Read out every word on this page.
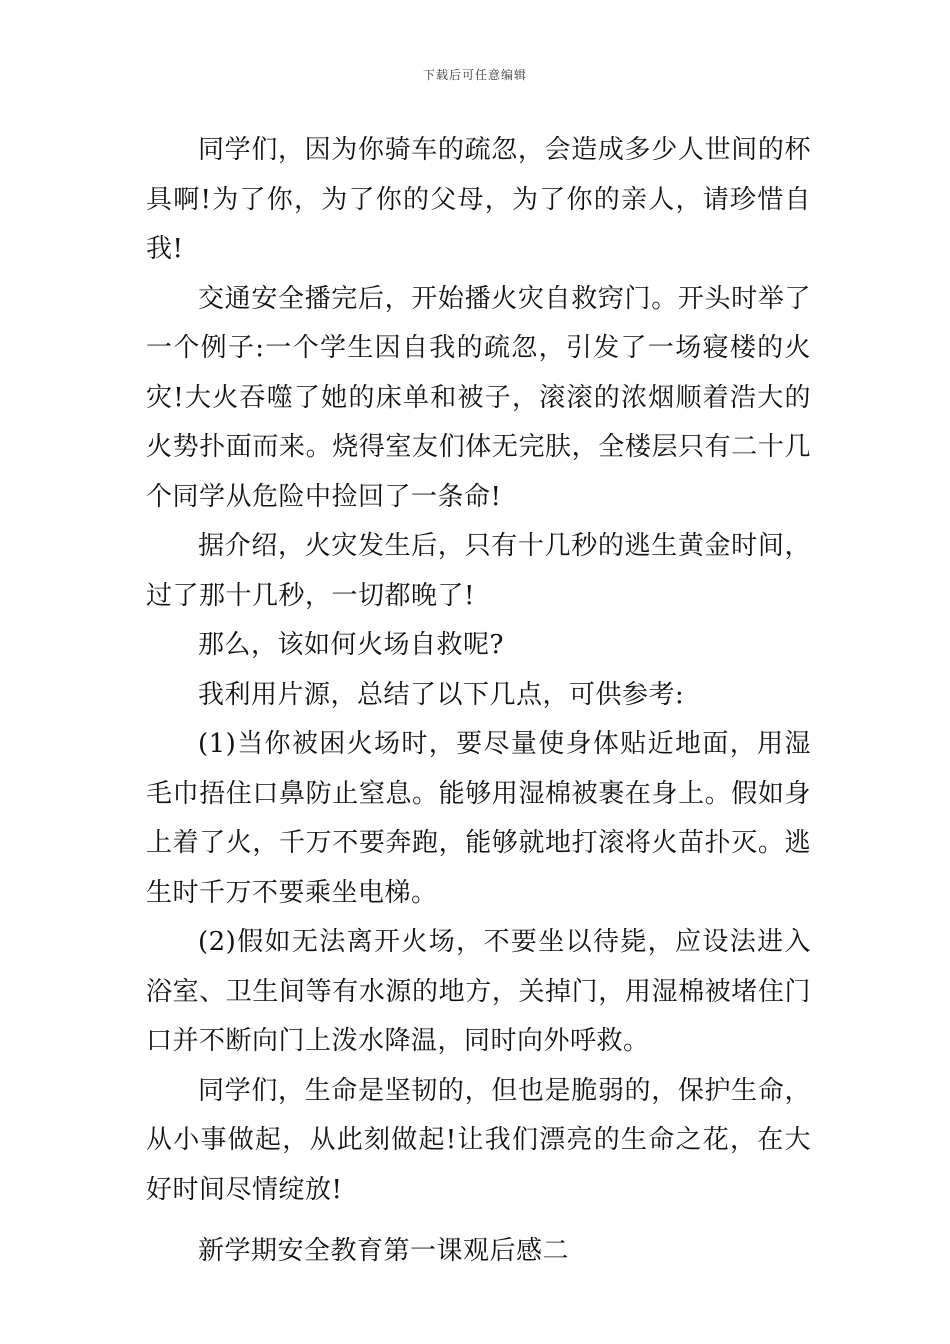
下载后可任意编辑

同学们，因为你骑车的疏忽，会造成多少人世间的杯具啊!为了你，为了你的父母，为了你的亲人，请珍惜自我!

交通安全播完后，开始播火灾自救窍门。开头时举了一个例子:一个学生因自我的疏忽，引发了一场寝楼的火灾!大火吞噬了她的床单和被子，滚滚的浓烟顺着浩大的火势扑面而来。烧得室友们体无完肤，全楼层只有二十几个同学从危险中捡回了一条命!

据介绍，火灾发生后，只有十几秒的逃生黄金时间，过了那十几秒，一切都晚了!

那么，该如何火场自救呢?

我利用片源，总结了以下几点，可供参考:

(1)当你被困火场时，要尽量使身体贴近地面，用湿毛巾捂住口鼻防止窒息。能够用湿棉被裹在身上。假如身上着了火，千万不要奔跑，能够就地打滚将火苗扑灭。逃生时千万不要乘坐电梯。

(2)假如无法离开火场，不要坐以待毙，应设法进入浴室、卫生间等有水源的地方，关掉门，用湿棉被堵住门口并不断向门上泼水降温，同时向外呼救。

同学们，生命是坚韧的，但也是脆弱的，保护生命，从小事做起，从此刻做起!让我们漂亮的生命之花，在大好时间尽情绽放!

新学期安全教育第一课观后感二
